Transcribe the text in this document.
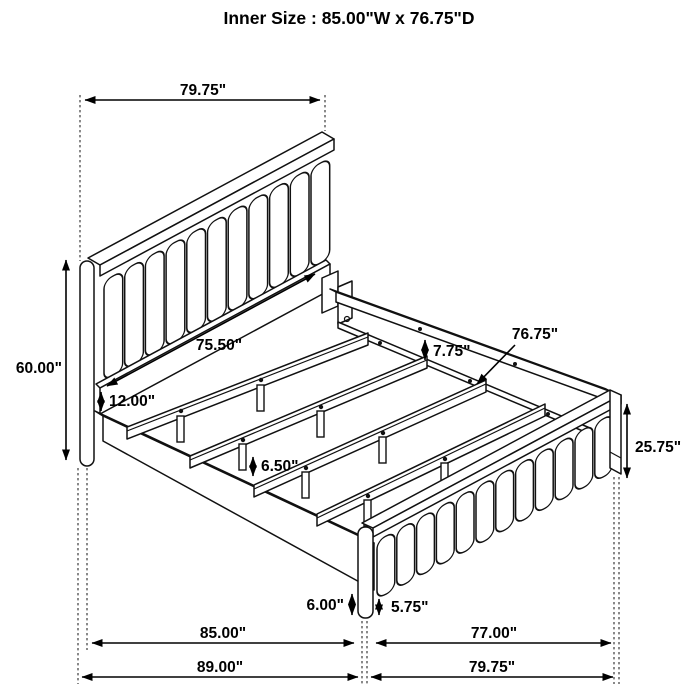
Inner Size : 85.00"W x 76.75"D
79.75"
60.00"
75.50"
12.00"
7.75"
76.75"
25.75"
6.50"
6.00"	5.75"
85.00"	77.00"
89.00"	79.75"
